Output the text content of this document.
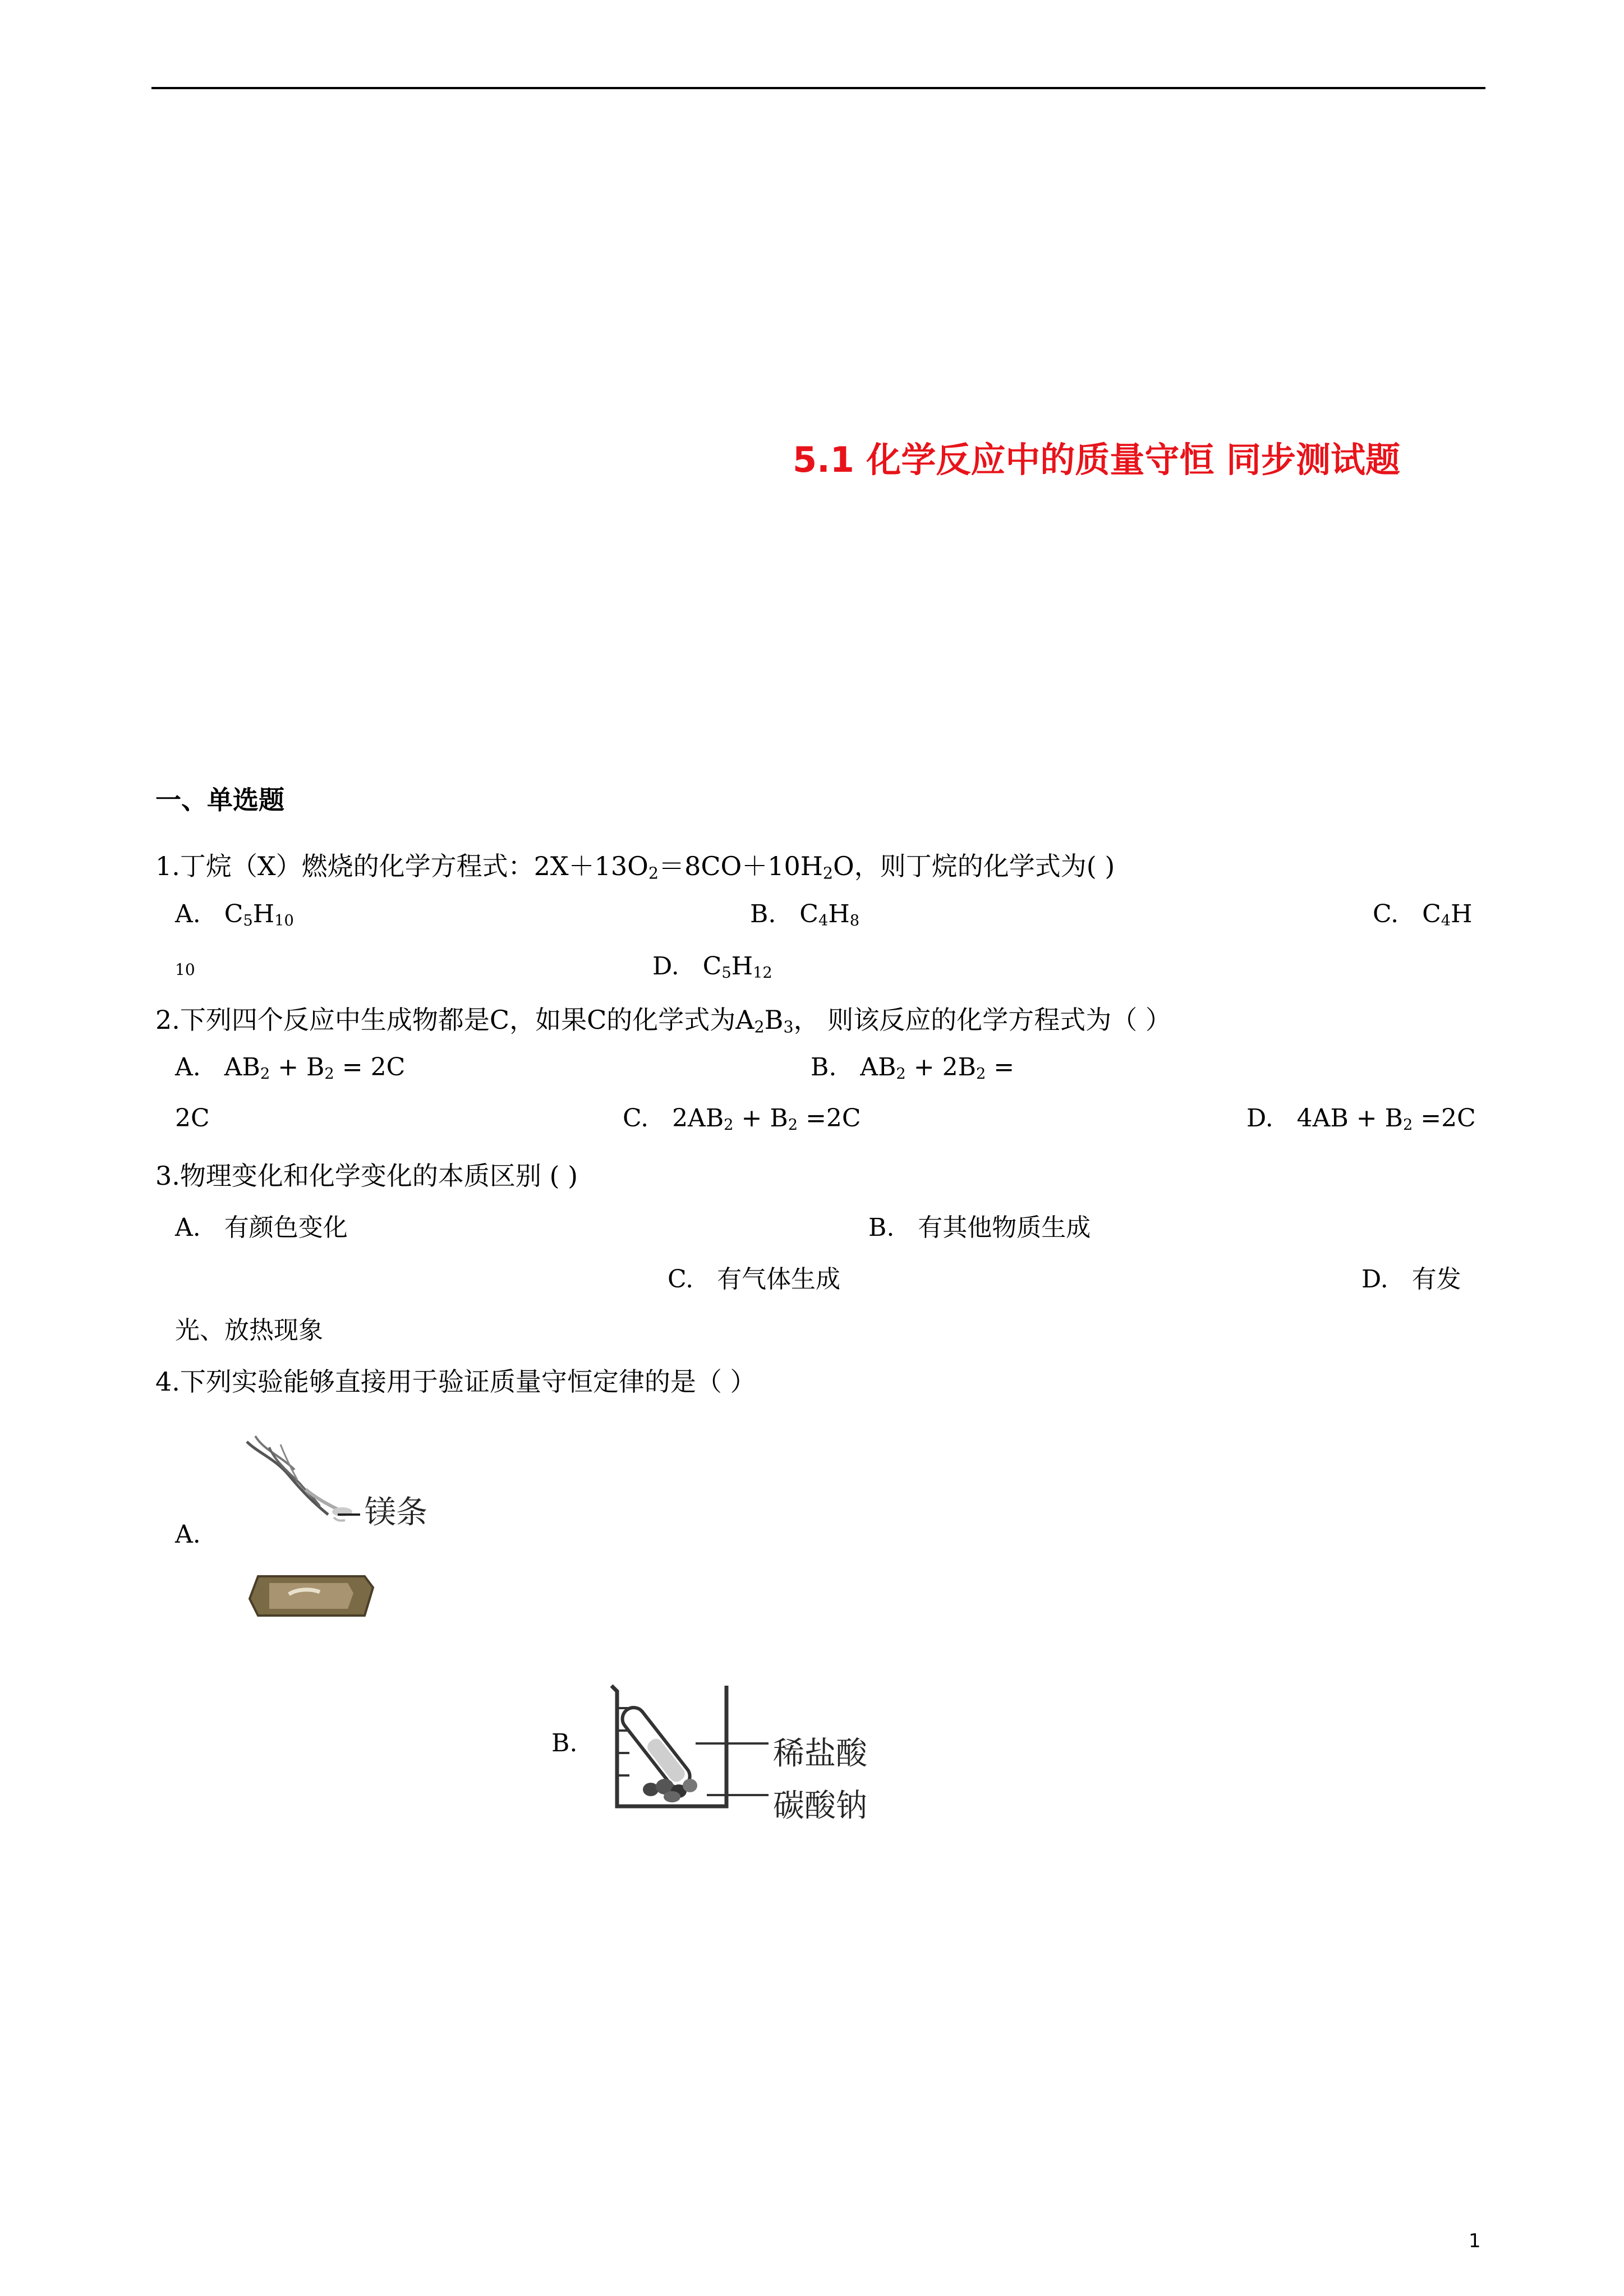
5.1 化学反应中的质量守恒 同步测试题
一、单选题
1.丁烷（X）燃烧的化学方程式：$2X+13O_2=8CO+10H_2O$，则丁烷的化学式为( )
A.   $C_5H_{10}$	B.   $C_4H_8$	C. $C_4H$
10	D.   $C_5H_{12}$
2.下列四个反应中生成物都是C，如果C的化学式为$A_2B_3$， 则该反应的化学方程式为（ ）
A. $AB_2 + B_2 = 2C$	B. $AB_2 + 2B_2$ =
2C	C. $2AB_2 + B_2 =2C$	D. $4AB + B_2 =2C$
3.物理变化和化学变化的本质区别 ( )
A. 有颜色变化	B. 有其他物质生成
C. 有气体生成	D. 有发
光、放热现象
4.下列实验能够直接用于验证质量守恒定律的是（ ）
A.
镁条
B.	稀盐酸
碳酸钠
1
